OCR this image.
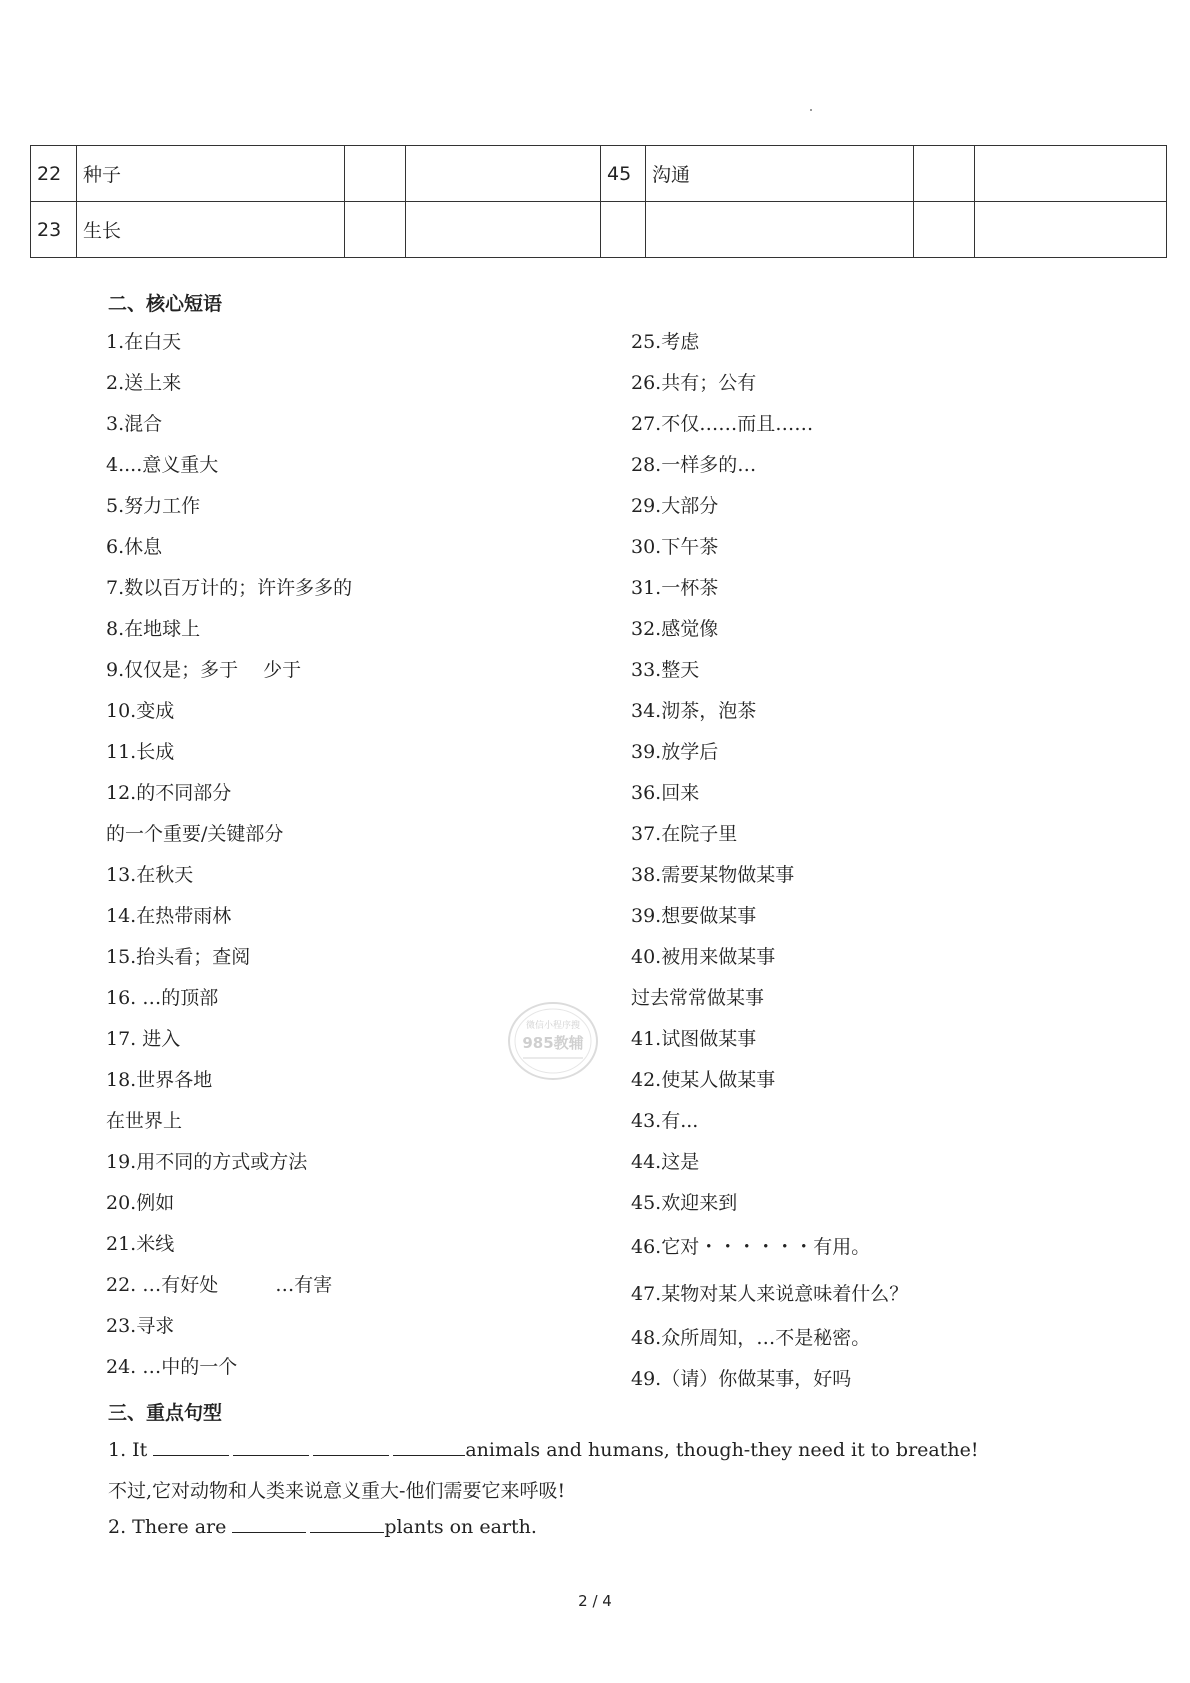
22	种子			45	沟通		
23	生长						
二、核心短语
1.在白天
2.送上来
3.混合
4....意义重大
5.努力工作
6.休息
7.数以百万计的；许许多多的
8.在地球上
9.仅仅是；多于　 少于
10.变成
11.长成
12.的不同部分
的一个重要/关键部分
13.在秋天
14.在热带雨林
15.抬头看；查阅
16. …的顶部
17. 进入
18.世界各地
在世界上
19.用不同的方式或方法
20.例如
21.米线
22. …有好处　　　…有害
23.寻求
24. …中的一个
25.考虑
26.共有；公有
27.不仅……而且……
28.一样多的…
29.大部分
30.下午茶
31.一杯茶
32.感觉像
33.整天
34.沏茶，泡茶
39.放学后
36.回来
37.在院子里
38.需要某物做某事
39.想要做某事
40.被用来做某事
过去常常做某事
41.试图做某事
42.使某人做某事
43.有...
44.这是
45.欢迎来到
46.它对・・・・・・有用。
47.某物对某人来说意味着什么？
48.众所周知，…不是秘密。
49.（请）你做某事，好吗
三、重点句型
1. It	animals and humans, though-they need it to breathe!
不过,它对动物和人类来说意义重大-他们需要它来呼吸!
2. There are	plants on earth.
微信小程序搜
985教辅
2 / 4
